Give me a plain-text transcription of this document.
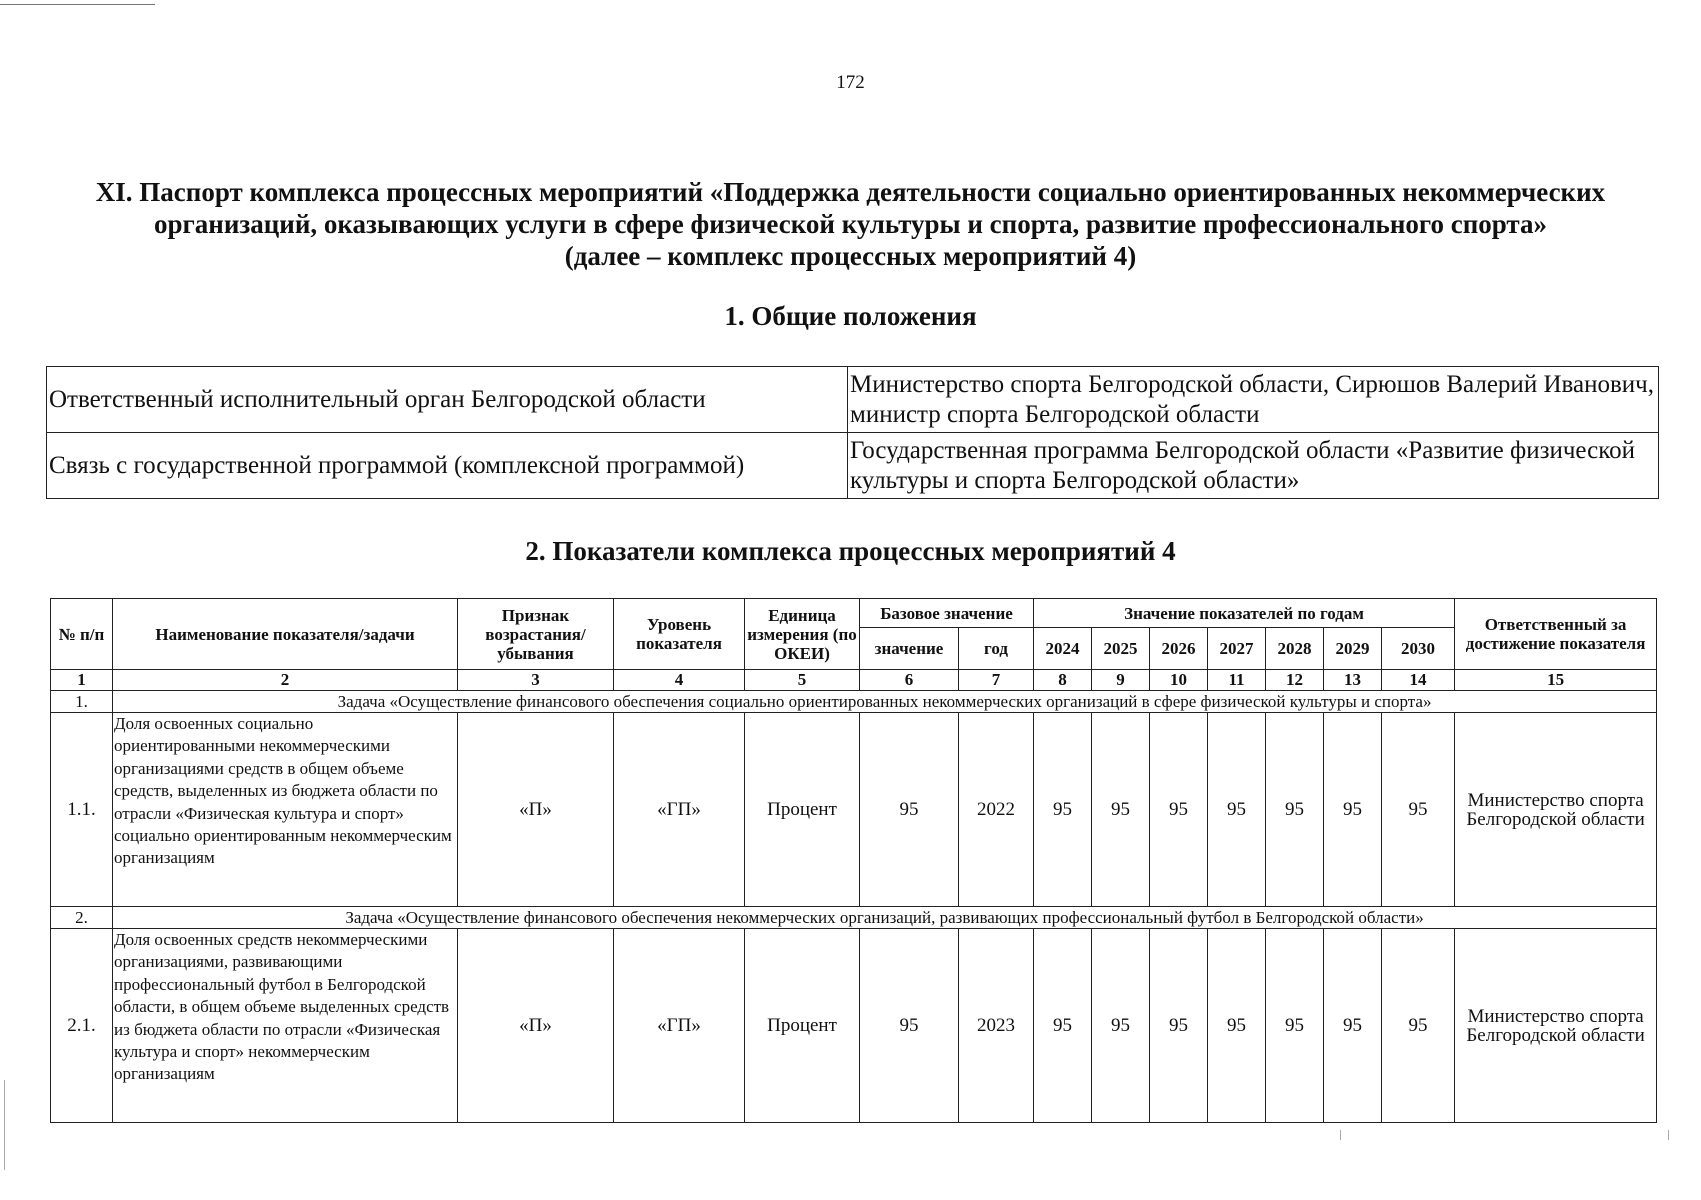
172
XI. Паспорт комплекса процессных мероприятий «Поддержка деятельности социально ориентированных некоммерческих
организаций, оказывающих услуги в сфере физической культуры и спорта, развитие профессионального спорта»
(далее – комплекс процессных мероприятий 4)
1. Общие положения
Ответственный исполнительный орган Белгородской области	Министерство спорта Белгородской области, Сирюшов Валерий Иванович, министр спорта Белгородской области
Связь с государственной программой (комплексной программой)	Государственная программа Белгородской области «Развитие физической культуры и спорта Белгородской области»
2. Показатели комплекса процессных мероприятий 4
№ п/п	Наименование показателя/задачи	Признак возрастания/ убывания	Уровень показателя	Единица измерения (по ОКЕИ)	Базовое значение		Значение показателей по годам							Ответственный за достижение показателя
					значение	год	2024	2025	2026	2027	2028	2029	2030	
1	2	3	4	5	6	7	8	9	10	11	12	13	14	15
1.	Задача «Осуществление финансового обеспечения социально ориентированных некоммерческих организаций в сфере физической культуры и спорта»													
1.1.	Доля освоенных социально ориентированными некоммерческими организациями средств в общем объеме средств, выделенных из бюджета области по отрасли «Физическая культура и спорт» социально ориентированным некоммерческим организациям	«П»	«ГП»	Процент	95	2022	95	95	95	95	95	95	95	Министерство спорта Белгородской области
2.	Задача «Осуществление финансового обеспечения некоммерческих организаций, развивающих профессиональный футбол в Белгородской области»													
2.1.	Доля освоенных средств некоммерческими организациями, развивающими профессиональный футбол в Белгородской области, в общем объеме выделенных средств из бюджета области по отрасли «Физическая культура и спорт» некоммерческим организациям	«П»	«ГП»	Процент	95	2023	95	95	95	95	95	95	95	Министерство спорта Белгородской области
